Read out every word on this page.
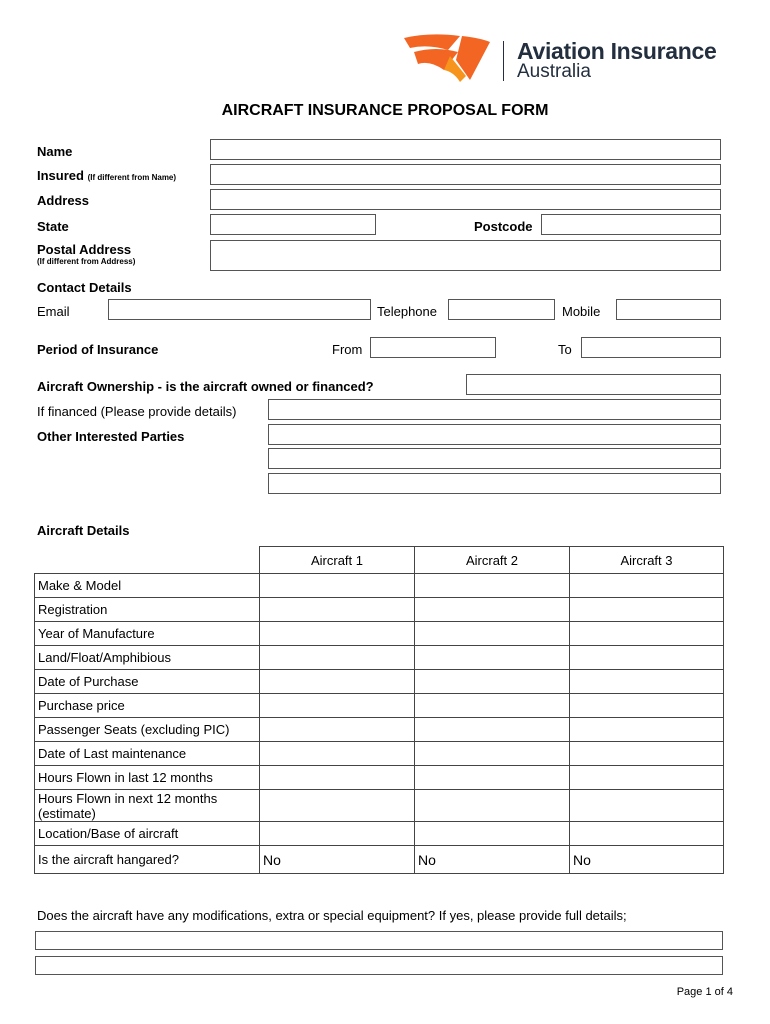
Aviation Insurance
Australia
AIRCRAFT INSURANCE PROPOSAL FORM
Name
Insured (If different from Name)
Address
State	Postcode
Postal Address
(If different from Address)
Contact Details
Email	Telephone	Mobile
Period of Insurance	From	To
Aircraft Ownership - is the aircraft owned or financed?
If financed (Please provide details)
Other Interested Parties
Aircraft Details
	Aircraft 1	Aircraft 2	Aircraft 3
Make & Model			
Registration			
Year of Manufacture			
Land/Float/Amphibious			
Date of Purchase			
Purchase price			
Passenger Seats (excluding PIC)			
Date of Last maintenance			
Hours Flown in last 12 months			
Hours Flown in next 12 months (estimate)			
Location/Base of aircraft			
Is the aircraft hangared?	No	No	No
Does the aircraft have any modifications, extra or special equipment? If yes, please provide full details;
Page 1 of 4
